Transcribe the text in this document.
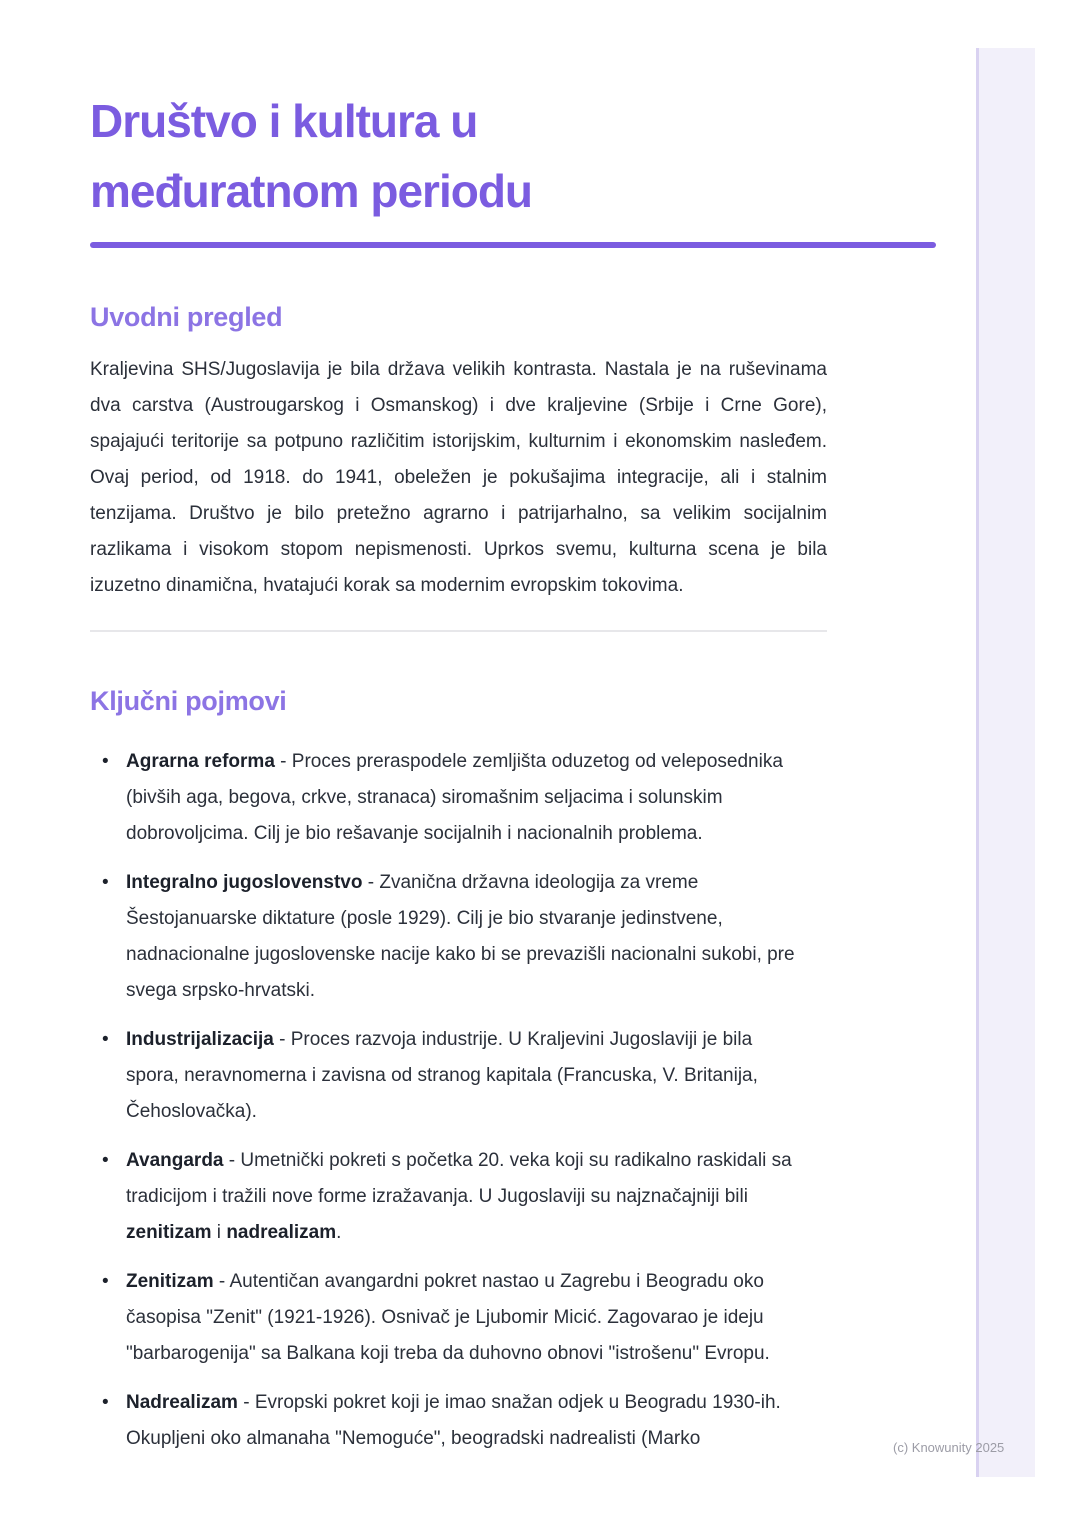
Društvo i kultura u
međuratnom periodu
Uvodni pregled

Kraljevina SHS/Jugoslavija je bila država velikih kontrasta. Nastala je na ruševinama dva carstva (Austrougarskog i Osmanskog) i dve kraljevine (Srbije i Crne Gore), spajajući teritorije sa potpuno različitim istorijskim, kulturnim i ekonomskim nasleđem. Ovaj period, od 1918. do 1941, obeležen je pokušajima integracije, ali i stalnim tenzijama. Društvo je bilo pretežno agrarno i patrijarhalno, sa velikim socijalnim razlikama i visokom stopom nepismenosti. Uprkos svemu, kulturna scena je bila izuzetno dinamična, hvatajući korak sa modernim evropskim tokovima.

Ključni pojmovi
• Agrarna reforma - Proces preraspodele zemljišta oduzetog od veleposednika (bivših aga, begova, crkve, stranaca) siromašnim seljacima i solunskim dobrovoljcima. Cilj je bio rešavanje socijalnih i nacionalnih problema.
• Integralno jugoslovenstvo - Zvanična državna ideologija za vreme Šestojanuarske diktature (posle 1929). Cilj je bio stvaranje jedinstvene, nadnacionalne jugoslovenske nacije kako bi se prevazišli nacionalni sukobi, pre svega srpsko-hrvatski.
• Industrijalizacija - Proces razvoja industrije. U Kraljevini Jugoslaviji je bila spora, neravnomerna i zavisna od stranog kapitala (Francuska, V. Britanija, Čehoslovačka).
• Avangarda - Umetnički pokreti s početka 20. veka koji su radikalno raskidali sa tradicijom i tražili nove forme izražavanja. U Jugoslaviji su najznačajniji bili zenitizam i nadrealizam.
• Zenitizam - Autentičan avangardni pokret nastao u Zagrebu i Beogradu oko časopisa "Zenit" (1921-1926). Osnivač je Ljubomir Micić. Zagovarao je ideju "barbarogenija" sa Balkana koji treba da duhovno obnovi "istrošenu" Evropu.
• Nadrealizam - Evropski pokret koji je imao snažan odjek u Beogradu 1930-ih. Okupljeni oko almanaha "Nemoguće", beogradski nadrealisti (Marko	(c) Knowunity 2025
